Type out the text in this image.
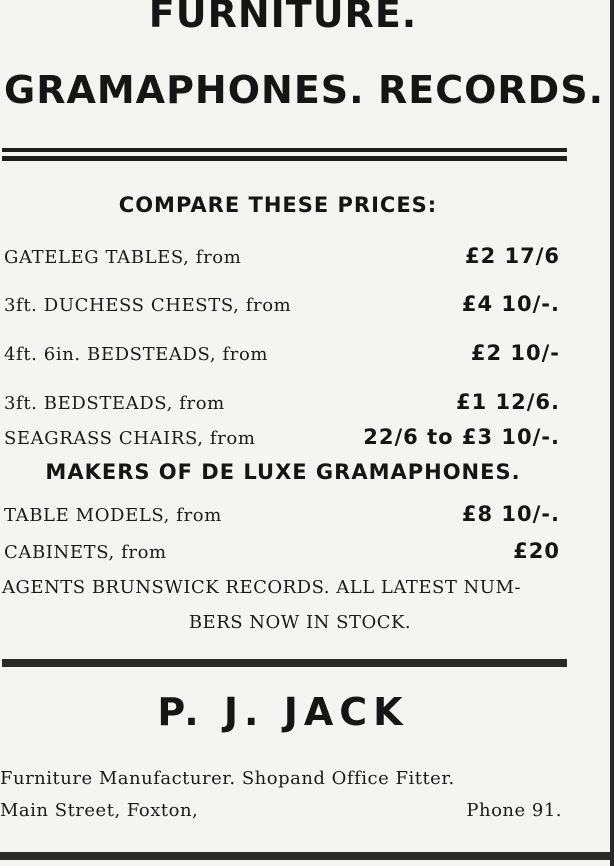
FURNITURE.
GRAMAPHONES. RECORDS.
COMPARE THESE PRICES:
GATELEG TABLES, from	£2 17/6
3ft. DUCHESS CHESTS, from	£4 10/-.
4ft. 6in. BEDSTEADS, from	£2 10/-
3ft. BEDSTEADS, from	£1 12/6.
SEAGRASS CHAIRS, from	22/6 to £3 10/-.
MAKERS OF DE LUXE GRAMAPHONES.
TABLE MODELS, from	£8 10/-.
CABINETS, from	£20
AGENTS BRUNSWICK RECORDS. ALL LATEST NUM-
BERS NOW IN STOCK.
P. J. JACK
Furniture Manufacturer. Shopand Office Fitter.
Main Street, Foxton,	Phone 91.
